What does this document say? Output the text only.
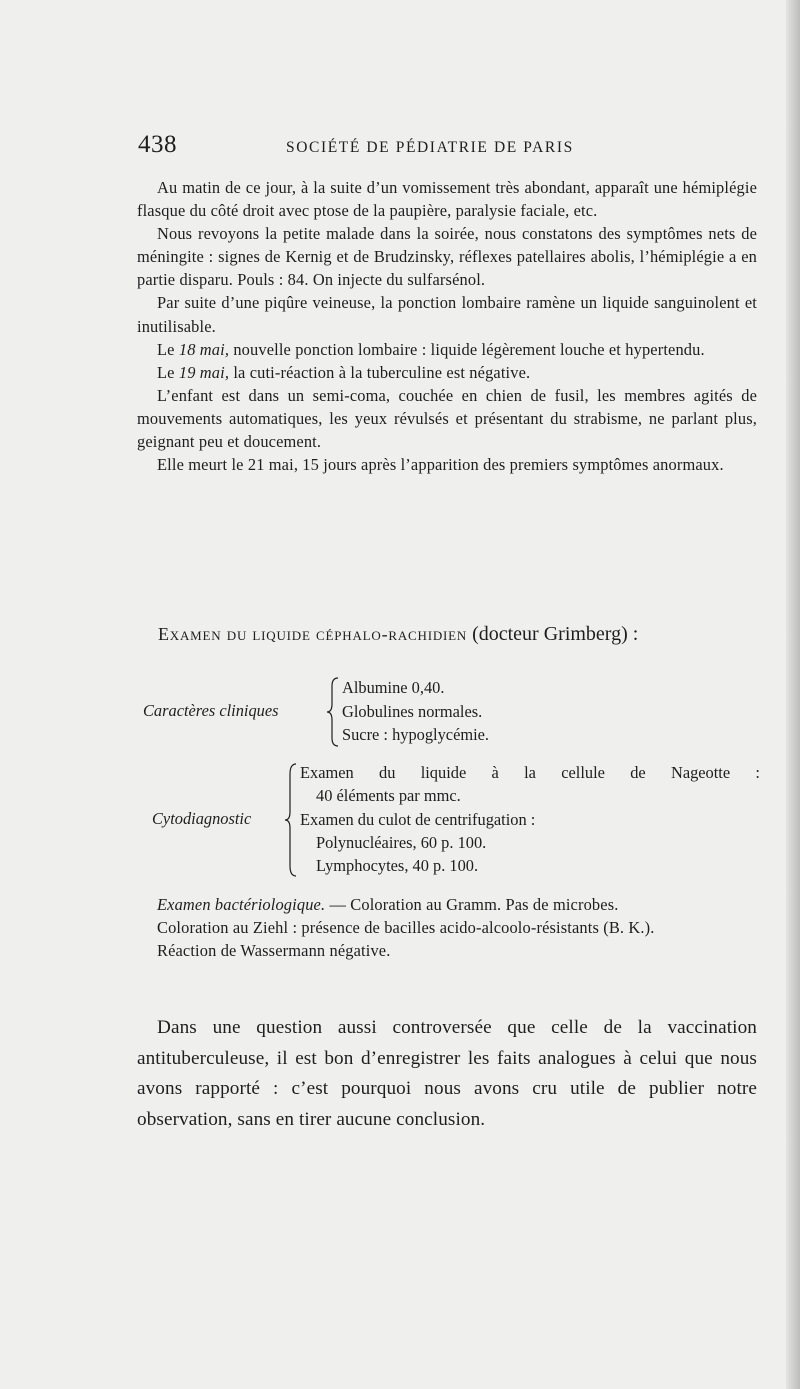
438	SOCIÉTÉ DE PÉDIATRIE DE PARIS

Au matin de ce jour, à la suite d’un vomissement très abondant, apparaît une hémiplégie flasque du côté droit avec ptose de la paupière, paralysie faciale, etc.

Nous revoyons la petite malade dans la soirée, nous constatons des symptômes nets de méningite : signes de Kernig et de Brudzinsky, réflexes patellaires abolis, l’hémiplégie a en partie disparu. Pouls : 84. On injecte du sulfarsénol.

Par suite d’une piqûre veineuse, la ponction lombaire ramène un liquide sanguinolent et inutilisable.

Le 18 mai, nouvelle ponction lombaire : liquide légèrement louche et hypertendu.

Le 19 mai, la cuti-réaction à la tuberculine est négative.

L’enfant est dans un semi-coma, couchée en chien de fusil, les membres agités de mouvements automatiques, les yeux révulsés et présentant du strabisme, ne parlant plus, geignant peu et doucement.

Elle meurt le 21 mai, 15 jours après l’apparition des premiers symptômes anormaux.

Examen du liquide céphalo-rachidien (docteur Grimberg) :
Caractères cliniques
Albumine 0,40.
Globulines normales.
Sucre : hypoglycémie.
Cytodiagnostic
Examen du liquide à la cellule de Nageotte :
40 éléments par mmc.
Examen du culot de centrifugation :
Polynucléaires, 60 p. 100.
Lymphocytes, 40 p. 100.

Examen bactériologique. — Coloration au Gramm. Pas de microbes.

Coloration au Ziehl : présence de bacilles acido-alcoolo-résistants (B. K.).

Réaction de Wassermann négative.

Dans une question aussi controversée que celle de la vaccination antituberculeuse, il est bon d’enregistrer les faits analogues à celui que nous avons rapporté : c’est pourquoi nous avons cru utile de publier notre observation, sans en tirer aucune conclusion.
